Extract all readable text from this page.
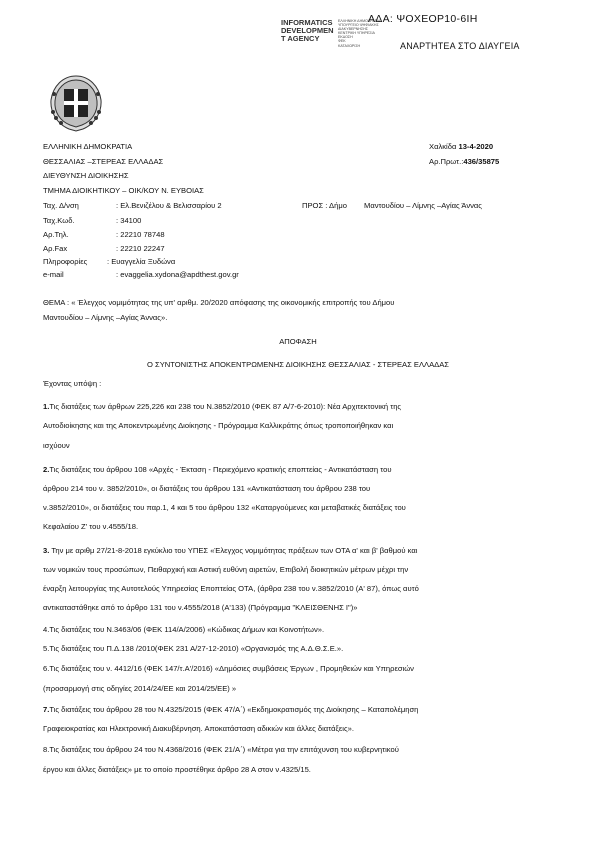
INFORMATICS
DEVELOPMEN
T AGENCY
ΕΛΛΗΝΙΚΗ ΔΗΜΟΚΡΑΤΙΑ
ΥΠΟΥΡΓΕΙΟ ΨΗΦΙΑΚΗΣ
ΔΙΑΚΥΒΕΡΝΗΣΗΣ
ΚΕΝΤΡΙΚΗ ΥΠΗΡΕΣΙΑ
ΕΚΔΟΣΗ
ΦΕΚ
ΚΑΤΑΧΩΡΙΣΗ
ΑΔΑ: ΨΟΧΕΟΡ10-6ΙΗ
ΑΝΑΡΤΗΤΕΑ ΣΤΟ ΔΙΑΥΓΕΙΑ
ΕΛΛΗΝΙΚΗ ΔΗΜΟΚΡΑΤΙΑ
ΘΕΣΣΑΛΙΑΣ –ΣΤΕΡΕΑΣ ΕΛΛΑΔΑΣ
ΔΙΕΥΘΥΝΣΗ ΔΙΟΙΚΗΣΗΣ
ΤΜΗΜΑ ΔΙΟΙΚΗΤΙΚΟΥ – ΟΙΚ/ΚΟΥ Ν. ΕΥΒΟΙΑΣ
Χαλκίδα 13-4-2020
Αρ.Πρωτ.:436/35875
Ταχ. Δ/νση	: Ελ.Βενιζέλου & Βελισσαρίου 2
Ταχ.Κωδ.	: 34100
Αρ.Τηλ.	: 22210 78748
Αρ.Fax	: 22210 22247
Πληροφορίες	: Ευαγγελία Ξυδώνα
e-mail	: evaggelia.xydona@apdthest.gov.gr
ΠΡΟΣ : Δήμο Μαντουδίου – Λίμνης –Αγίας Άννας
ΘΕΜΑ : « Έλεγχος νομιμότητας της υπ' αριθμ. 20/2020 απόφασης της οικονομικής επιτροπής του Δήμου
Μαντουδίου – Λίμνης –Αγίας Άννας».
ΑΠΟΦΑΣΗ
Ο ΣΥΝΤΟΝΙΣΤΗΣ ΑΠΟΚΕΝΤΡΩΜΕΝΗΣ ΔΙΟΙΚΗΣΗΣ ΘΕΣΣΑΛΙΑΣ - ΣΤΕΡΕΑΣ ΕΛΛΑΔΑΣ
Έχοντας υπόψη :
1.Τις διατάξεις των άρθρων 225,226 και 238 του Ν.3852/2010 (ΦΕΚ 87 Α/7-6-2010): Νέα Αρχιτεκτονική της
Αυτοδιοίκησης και της Αποκεντρωμένης Διοίκησης - Πρόγραμμα Καλλικράτης όπως τροποποιήθηκαν και
ισχύουν
2.Τις διατάξεις του άρθρου 108 «Αρχές - Έκταση - Περιεχόμενο κρατικής εποπτείας - Αντικατάσταση του
άρθρου 214 του ν. 3852/2010», οι διατάξεις του άρθρου 131 «Αντικατάσταση του άρθρου 238 του
ν.3852/2010», οι διατάξεις του παρ.1, 4 και 5 του άρθρου 132 «Καταργούμενες και μεταβατικές διατάξεις του
Κεφαλαίου Ζ' του ν.4555/18.
3. Την με αριθμ 27/21-8-2018 εγκύκλιο του ΥΠΕΣ «Έλεγχος νομιμότητας πράξεων των ΟΤΑ α' και β' βαθμού και
των νομικών τους προσώπων, Πειθαρχική και Αστική ευθύνη αιρετών, Επιβολή διοικητικών μέτρων μέχρι την
έναρξη λειτουργίας της Αυτοτελούς Υπηρεσίας Εποπτείας ΟΤΑ, (άρθρα 238 του ν.3852/2010 (Α' 87), όπως αυτό
αντικαταστάθηκε από το άρθρο 131 του ν.4555/2018 (Α'133) (Πρόγραμμα "ΚΛΕΙΣΘΕΝΗΣ Ι")»
4.Τις διατάξεις του Ν.3463/06 (ΦΕΚ 114/Α/2006) «Κώδικας Δήμων και Κοινοτήτων».
5.Τις διατάξεις του Π.Δ.138 /2010(ΦΕΚ 231 Α/27-12-2010) «Οργανισμός της Α.Δ.Θ.Σ.Ε.».
6.Τις διατάξεις του ν. 4412/16 (ΦΕΚ 147/τ.Α'/2016) «Δημόσιες συμβάσεις Έργων , Προμηθειών και Υπηρεσιών
(προσαρμογή στις οδηγίες 2014/24/ΕΕ και 2014/25/ΕΕ) »
7.Τις διατάξεις του άρθρου 28 του Ν.4325/2015 (ΦΕΚ 47/Α΄) «Εκδημοκρατισμός της Διοίκησης – Καταπολέμηση
Γραφειοκρατίας και Ηλεκτρονική Διακυβέρνηση. Αποκατάσταση αδικιών και άλλες διατάξεις».
8.Τις διατάξεις του άρθρου 24 του Ν.4368/2016 (ΦΕΚ 21/Α΄) «Μέτρα για την επιτάχυνση του κυβερνητικού
έργου και άλλες διατάξεις» με το οποίο προστέθηκε άρθρο 28 Α στον ν.4325/15.
